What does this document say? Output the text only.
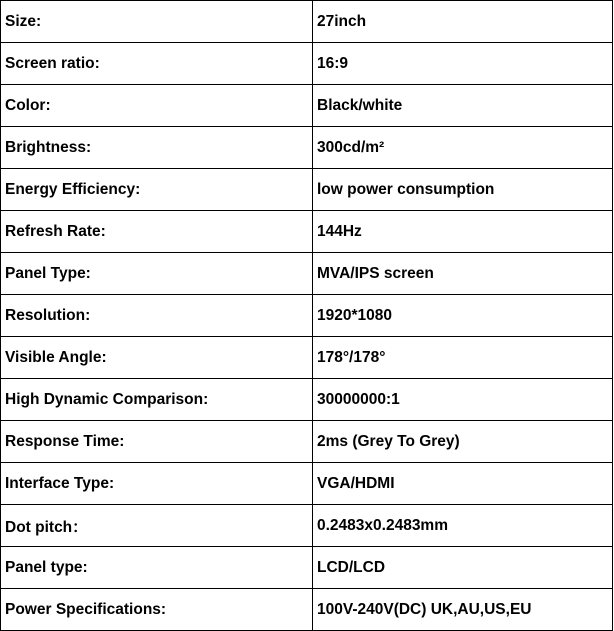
Size:	27inch
Screen ratio:	16:9
Color:	Black/white
Brightness:	300cd/m²
Energy Efficiency:	low power consumption
Refresh Rate:	144Hz
Panel Type:	MVA/IPS screen
Resolution:	1920*1080
Visible Angle:	178°/178°
High Dynamic Comparison:	30000000:1
Response Time:	2ms (Grey To Grey)
Interface Type:	VGA/HDMI
Dot pitch：	0.2483x0.2483mm
Panel type:	LCD/LCD
Power Specifications:	100V-240V(DC) UK,AU,US,EU
